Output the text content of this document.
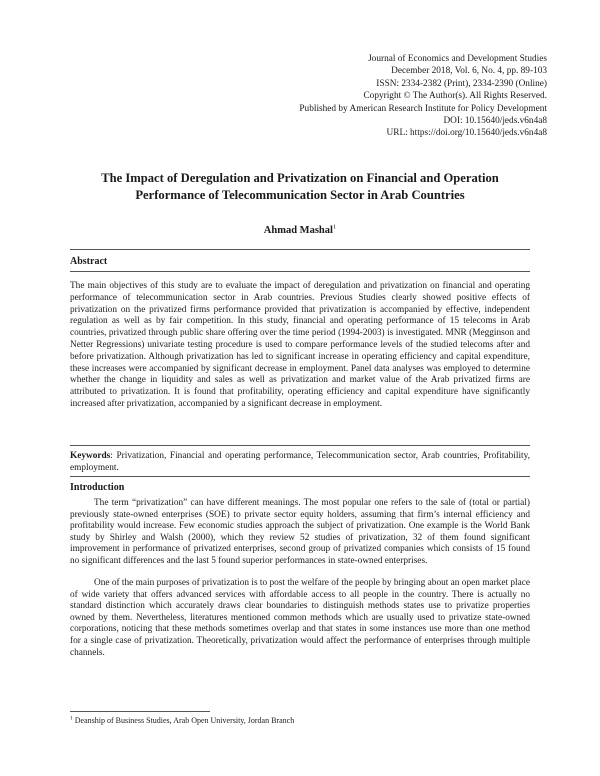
Journal of Economics and Development Studies
December 2018, Vol. 6, No. 4, pp. 89-103
ISSN: 2334-2382 (Print), 2334-2390 (Online)
Copyright © The Author(s). All Rights Reserved.
Published by American Research Institute for Policy Development
DOI: 10.15640/jeds.v6n4a8
URL: https://doi.org/10.15640/jeds.v6n4a8
The Impact of Deregulation and Privatization on Financial and Operation Performance of Telecommunication Sector in Arab Countries
Ahmad Mashal$^1$
Abstract

The main objectives of this study are to evaluate the impact of deregulation and privatization on financial and operating performance of telecommunication sector in Arab countries. Previous Studies clearly showed positive effects of privatization on the privatized firms performance provided that privatization is accompanied by effective, independent regulation as well as by fair competition. In this study, financial and operating performance of 15 telecoms in Arab countries, privatized through public share offering over the time period (1994-2003) is investigated. MNR (Megginson and Netter Regressions) univariate testing procedure is used to compare performance levels of the studied telecoms after and before privatization. Although privatization has led to significant increase in operating efficiency and capital expenditure, these increases were accompanied by significant decrease in employment. Panel data analyses was employed to determine whether the change in liquidity and sales as well as privatization and market value of the Arab privatized firms are attributed to privatization. It is found that profitability, operating efficiency and capital expenditure have significantly increased after privatization, accompanied by a significant decrease in employment.

Keywords: Privatization, Financial and operating performance, Telecommunication sector, Arab countries, Profitability, employment.

Introduction

The term “privatization” can have different meanings. The most popular one refers to the sale of (total or partial) previously state-owned enterprises (SOE) to private sector equity holders, assuming that firm’s internal efficiency and profitability would increase. Few economic studies approach the subject of privatization. One example is the World Bank study by Shirley and Walsh (2000), which they review 52 studies of privatization, 32 of them found significant improvement in performance of privatized enterprises, second group of privatized companies which consists of 15 found no significant differences and the last 5 found superior performances in state-owned enterprises.

One of the main purposes of privatization is to post the welfare of the people by bringing about an open market place of wide variety that offers advanced services with affordable access to all people in the country. There is actually no standard distinction which accurately draws clear boundaries to distinguish methods states use to privatize properties owned by them. Nevertheless, literatures mentioned common methods which are usually used to privatize state-owned corporations, noticing that these methods sometimes overlap and that states in some instances use more than one method for a single case of privatization. Theoretically, privatization would affect the performance of enterprises through multiple channels.

$^1$ Deanship of Business Studies, Arab Open University, Jordan Branch
